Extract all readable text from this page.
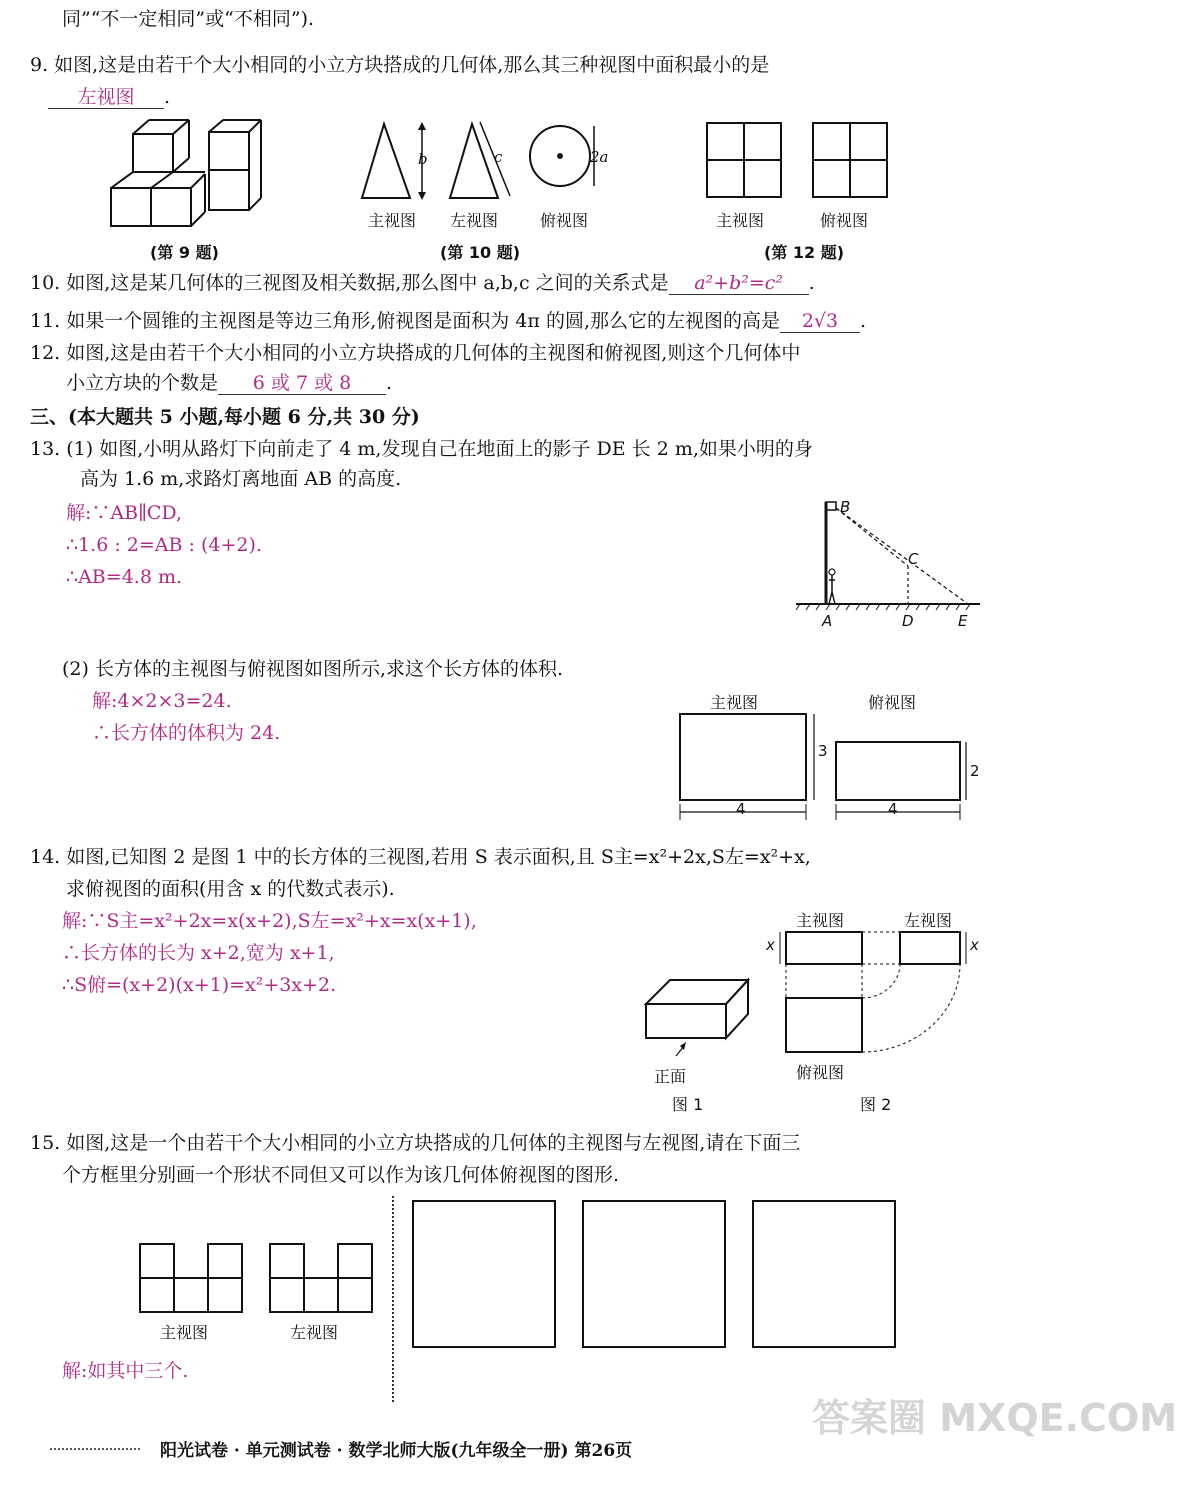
同”“不一定相同”或“不相同”).
9. 如图,这是由若干个大小相同的小立方块搭成的几何体,那么其三种视图中面积最小的是
左视图 .
(第 9 题)
b	c	2a
主视图 左视图	俯视图
(第 10 题)
主视图	俯视图
(第 12 题)
10. 如图,这是某几何体的三视图及相关数据,那么图中 a,b,c 之间的关系式是 a²+b²=c² .
11. 如果一个圆锥的主视图是等边三角形,俯视图是面积为 4π 的圆,那么它的左视图的高是 2√3 .
12. 如图,这是由若干个大小相同的小立方块搭成的几何体的主视图和俯视图,则这个几何体中
小立方块的个数是 6 或 7 或 8 .
三、(本大题共 5 小题,每小题 6 分,共 30 分)
13. (1) 如图,小明从路灯下向前走了 4 m,发现自己在地面上的影子 DE 长 2 m,如果小明的身
高为 1.6 m,求路灯离地面 AB 的高度.
解:∵AB∥CD,
∴1.6 : 2=AB : (4+2).
∴AB=4.8 m.
B
C
A	D	E
(2) 长方体的主视图与俯视图如图所示,求这个长方体的体积.
解:4×2×3=24.
∴长方体的体积为 24.
主视图	俯视图
3
4
2
4
14. 如图,已知图 2 是图 1 中的长方体的三视图,若用 S 表示面积,且 S主=x²+2x,S左=x²+x,
求俯视图的面积(用含 x 的代数式表示).
解:∵S主=x²+2x=x(x+2),S左=x²+x=x(x+1),
∴长方体的长为 x+2,宽为 x+1,
∴S俯=(x+2)(x+1)=x²+3x+2.
主视图	左视图
x	x
俯视图
正面
图 1	图 2
15. 如图,这是一个由若干个大小相同的小立方块搭成的几何体的主视图与左视图,请在下面三
个方框里分别画一个形状不同但又可以作为该几何体俯视图的图形.
主视图	左视图
解:如其中三个.
阳光试卷 · 单元测试卷 · 数学北师大版(九年级全一册) 第26页
答案圈 MXQE.COM
